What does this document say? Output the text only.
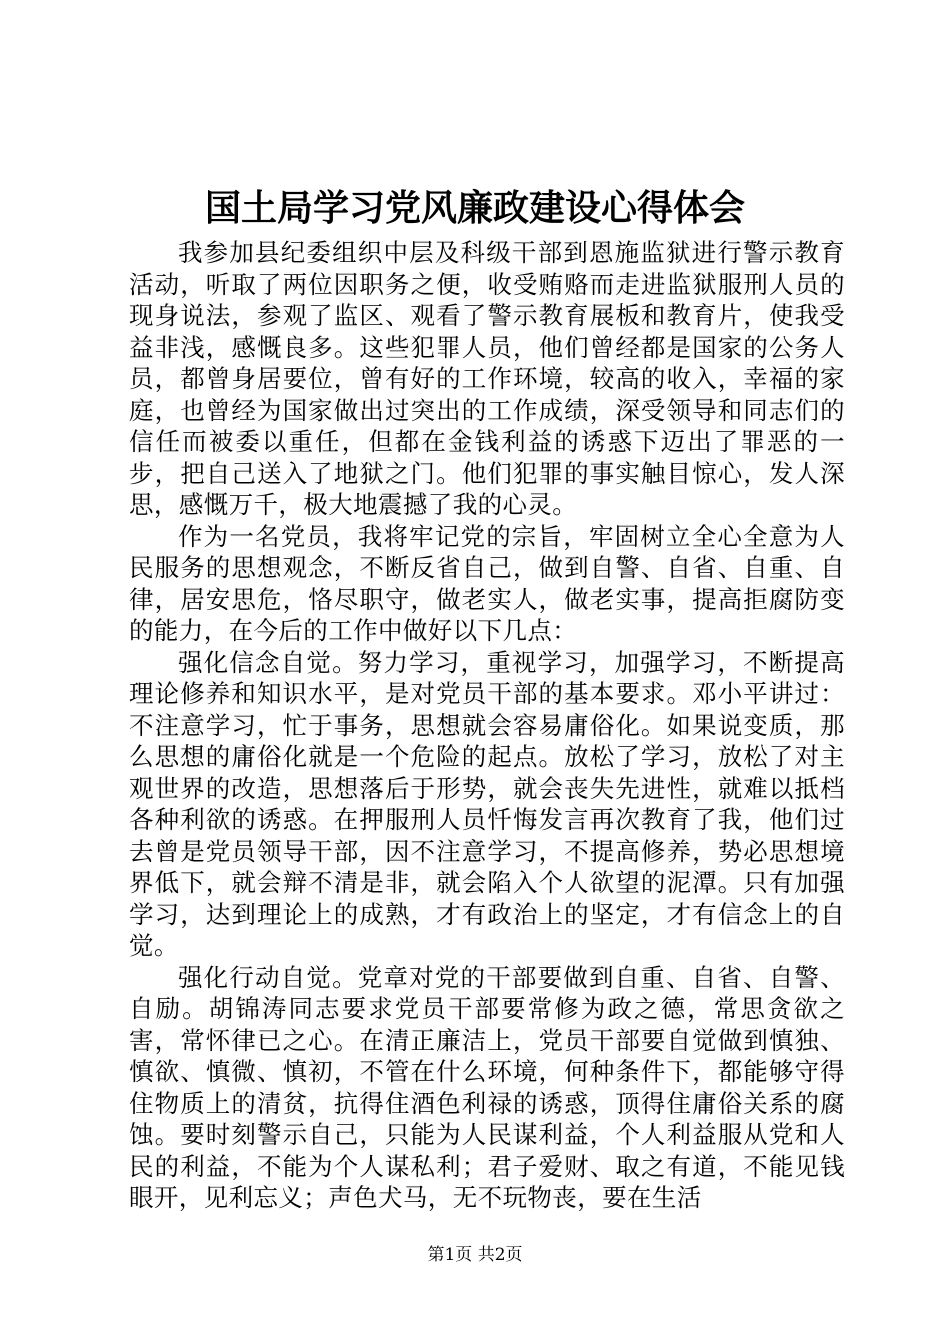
国土局学习党风廉政建设心得体会

我参加县纪委组织中层及科级干部到恩施监狱进行警示教育活动，听取了两位因职务之便，收受贿赂而走进监狱服刑人员的现身说法，参观了监区、观看了警示教育展板和教育片，使我受益非浅，感慨良多。这些犯罪人员，他们曾经都是国家的公务人员，都曾身居要位，曾有好的工作环境，较高的收入，幸福的家庭，也曾经为国家做出过突出的工作成绩，深受领导和同志们的信任而被委以重任，但都在金钱利益的诱惑下迈出了罪恶的一步，把自己送入了地狱之门。他们犯罪的事实触目惊心，发人深思，感慨万千，极大地震撼了我的心灵。

作为一名党员，我将牢记党的宗旨，牢固树立全心全意为人民服务的思想观念，不断反省自己，做到自警、自省、自重、自律，居安思危，恪尽职守，做老实人，做老实事，提高拒腐防变的能力，在今后的工作中做好以下几点：

强化信念自觉。努力学习，重视学习，加强学习，不断提高理论修养和知识水平，是对党员干部的基本要求。邓小平讲过：不注意学习，忙于事务，思想就会容易庸俗化。如果说变质，那么思想的庸俗化就是一个危险的起点。放松了学习，放松了对主观世界的改造，思想落后于形势，就会丧失先进性，就难以抵档各种利欲的诱惑。在押服刑人员忏悔发言再次教育了我，他们过去曾是党员领导干部，因不注意学习，不提高修养，势必思想境界低下，就会辩不清是非，就会陷入个人欲望的泥潭。只有加强学习，达到理论上的成熟，才有政治上的坚定，才有信念上的自觉。

强化行动自觉。党章对党的干部要做到自重、自省、自警、自励。胡锦涛同志要求党员干部要常修为政之德，常思贪欲之害，常怀律已之心。在清正廉洁上，党员干部要自觉做到慎独、慎欲、慎微、慎初，不管在什么环境，何种条件下，都能够守得住物质上的清贫，抗得住酒色利禄的诱惑，顶得住庸俗关系的腐蚀。要时刻警示自己，只能为人民谋利益，个人利益服从党和人民的利益，不能为个人谋私利；君子爱财、取之有道，不能见钱眼开，见利忘义；声色犬马，无不玩物丧，要在生活

第1页 共2页
